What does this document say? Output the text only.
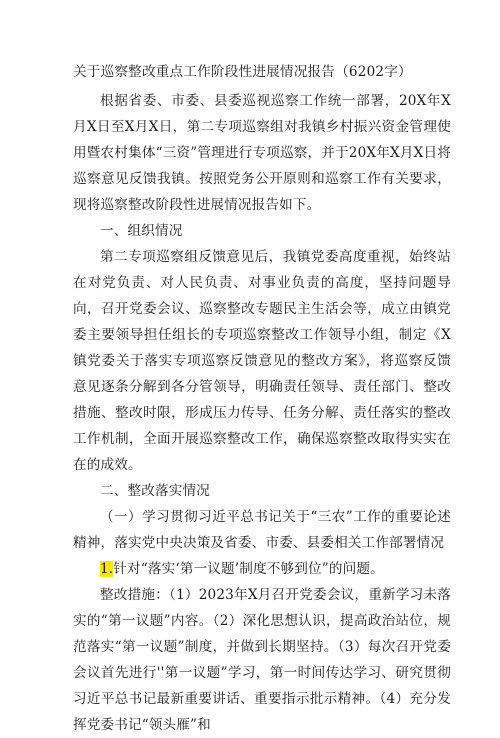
关于巡察整改重点工作阶段性进展情况报告（6202字）

根据省委、市委、县委巡视巡察工作统一部署，20X年X月X日至X月X日，第二专项巡察组对我镇乡村振兴资金管理使用暨农村集体“三资”管理进行专项巡察，并于20X年X月X日将巡察意见反馈我镇。按照党务公开原则和巡察工作有关要求，现将巡察整改阶段性进展情况报告如下。

一、组织情况

第二专项巡察组反馈意见后，我镇党委高度重视，始终站在对党负责、对人民负责、对事业负责的高度，坚持问题导向，召开党委会议、巡察整改专题民主生活会等，成立由镇党委主要领导担任组长的专项巡察整改工作领导小组，制定《X镇党委关于落实专项巡察反馈意见的整改方案》，将巡察反馈意见逐条分解到各分管领导，明确责任领导、责任部门、整改措施、整改时限，形成压力传导、任务分解、责任落实的整改工作机制，全面开展巡察整改工作，确保巡察整改取得实实在在的成效。

二、整改落实情况

（一）学习贯彻习近平总书记关于“三农”工作的重要论述精神，落实党中央决策及省委、市委、县委相关工作部署情况

1.针对“落实‘第一议题’制度不够到位”的问题。

整改措施：（1）2023年X月召开党委会议，重新学习未落实的“第一议题”内容。（2）深化思想认识，提高政治站位，规范落实“第一议题”制度，并做到长期坚持。（3）每次召开党委会议首先进行''第一议题”学习，第一时间传达学习、研究贯彻习近平总书记最新重要讲话、重要指示批示精神。（4）充分发挥党委书记“领头雁”和
